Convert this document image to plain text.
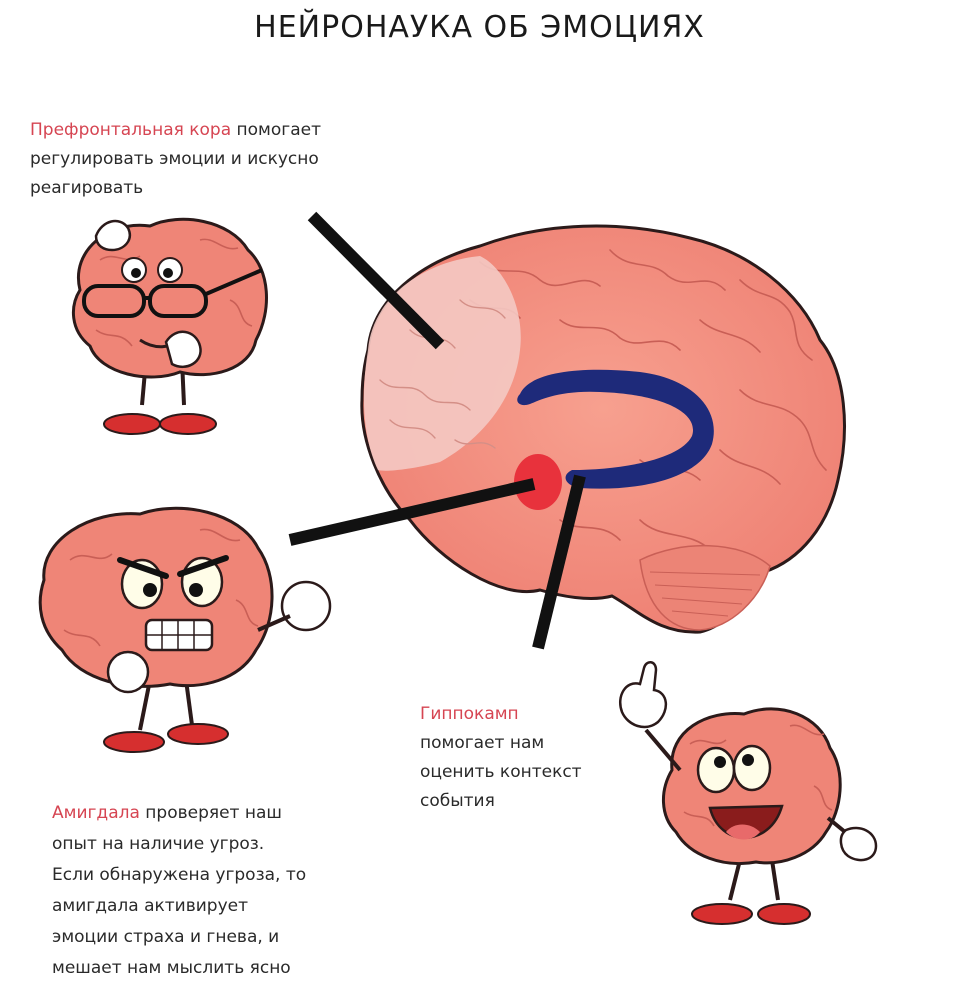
НЕЙРОНАУКА ОБ ЭМОЦИЯХ
Префронтальная кора помогает
регулировать эмоции и искусно
реагировать
Гиппокамп
помогает нам
оценить контекст
события
Амигдала проверяет наш
опыт на наличие угроз.
Если обнаружена угроза, то
амигдала активирует
эмоции страха и гнева, и
мешает нам мыслить ясно
